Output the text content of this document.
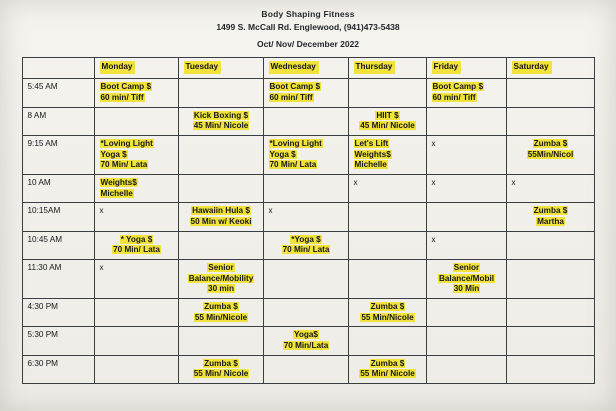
Body Shaping Fitness
1499 S. McCall Rd. Englewood, (941)473-5438
Oct/ Nov/ December 2022
	Monday	Tuesday	Wednesday	Thursday	Friday	Saturday
5:45 AM	Boot Camp $
60 min/ Tiff		Boot Camp $
60 min/ Tiff		Boot Camp $
60 min/ Tiff	

8 AM		Kick Boxing $
45 Min/ Nicole		HIIT $
45 Min/ Nicole		

9:15 AM	*Loving Light
Yoga $
70 Min/ Lata		*Loving Light
Yoga $
70 Min/ Lata	Let's Lift
Weights$
Michelle	x	Zumba $
55Min/Nicol

10 AM	Weights$
Michelle			x	x	x

10:15AM	x	Hawaiin Hula $
50 Min w/ Keoki	x			Zumba $
Martha

10:45 AM	* Yoga $
70 Min/ Lata		*Yoga $
70 Min/ Lata		x	

11:30 AM	x	Senior
Balance/Mobility
30 min			Senior
Balance/Mobil
30 Min	

4:30 PM		Zumba $
55 Min/Nicole		Zumba $
55 Min/Nicole		

5:30 PM			Yoga$
70 Min/Lata			

6:30 PM		Zumba $
55 Min/ Nicole		Zumba $
55 Min/ Nicole		
